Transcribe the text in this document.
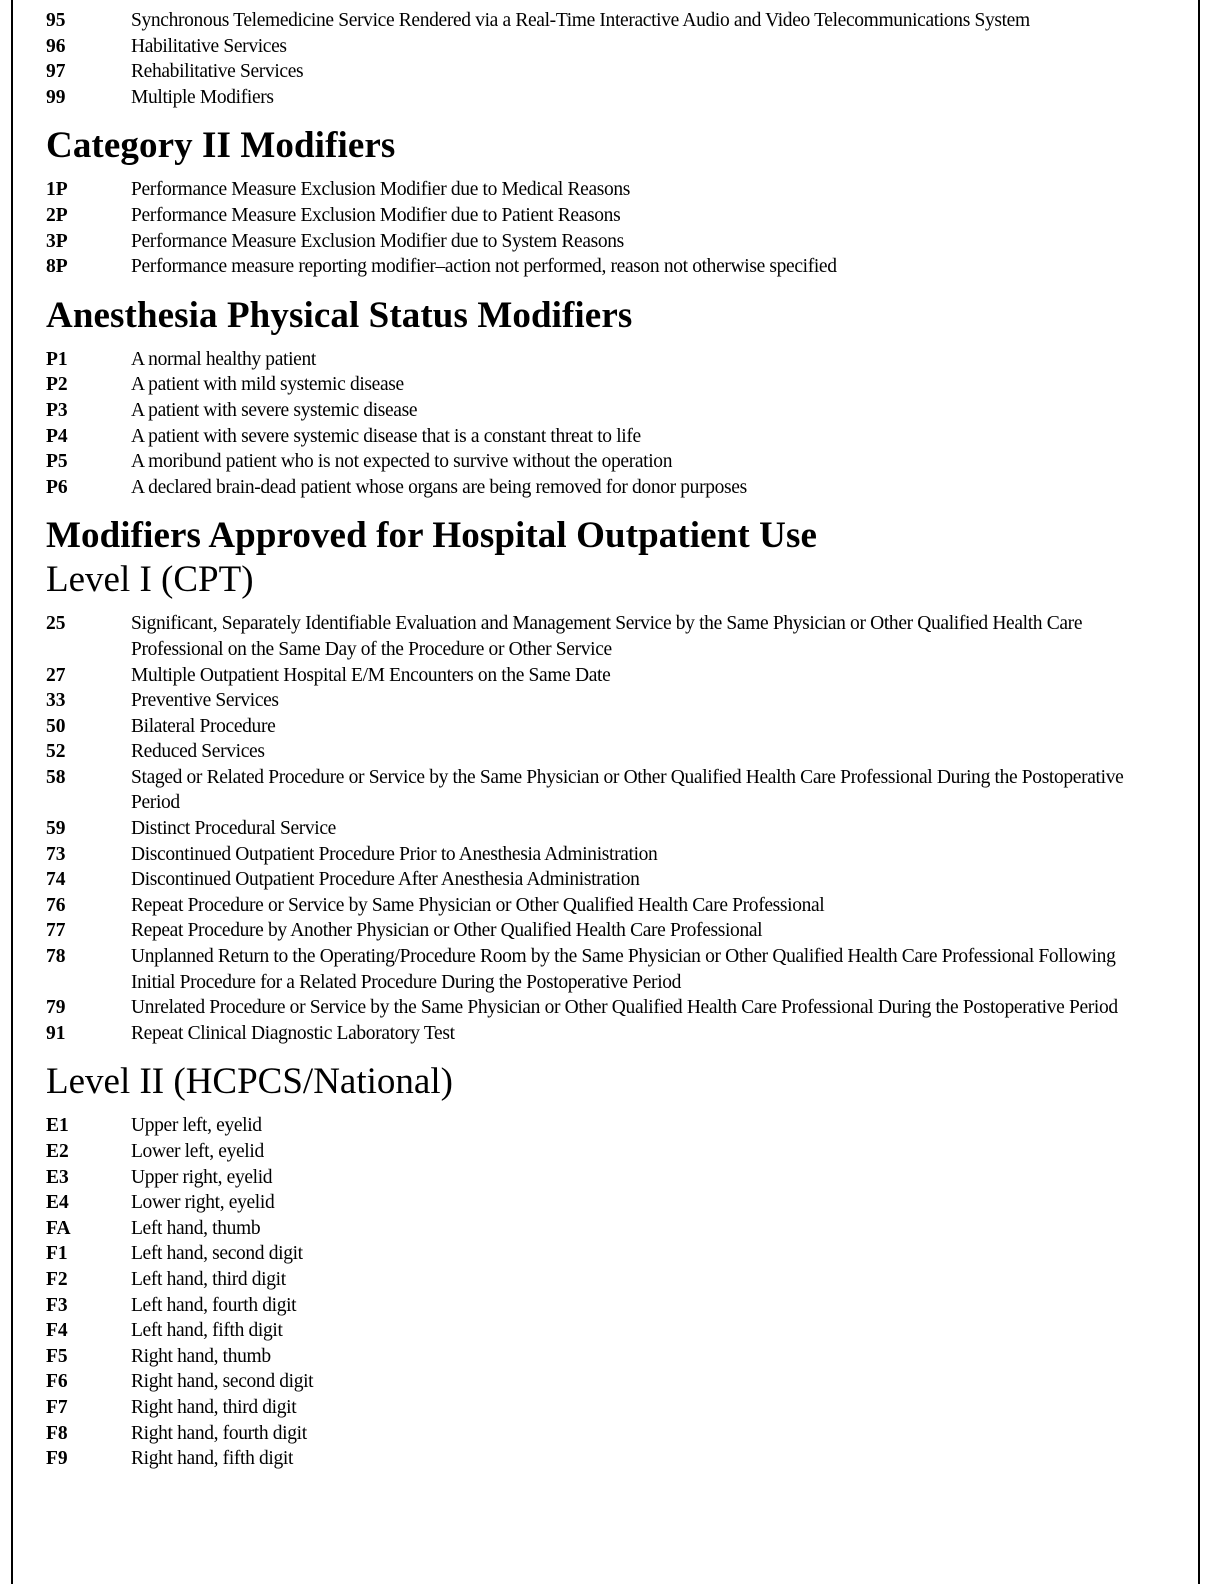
95	Synchronous Telemedicine Service Rendered via a Real-Time Interactive Audio and Video Telecommunications System
96	Habilitative Services
97	Rehabilitative Services
99	Multiple Modifiers
Category II Modifiers
1P	Performance Measure Exclusion Modifier due to Medical Reasons
2P	Performance Measure Exclusion Modifier due to Patient Reasons
3P	Performance Measure Exclusion Modifier due to System Reasons
8P	Performance measure reporting modifier–action not performed, reason not otherwise specified
Anesthesia Physical Status Modifiers
P1	A normal healthy patient
P2	A patient with mild systemic disease
P3	A patient with severe systemic disease
P4	A patient with severe systemic disease that is a constant threat to life
P5	A moribund patient who is not expected to survive without the operation
P6	A declared brain-dead patient whose organs are being removed for donor purposes
Modifiers Approved for Hospital Outpatient Use
Level I (CPT)
25	Significant, Separately Identifiable Evaluation and Management Service by the Same Physician or Other Qualified Health Care Professional on the Same Day of the Procedure or Other Service
27	Multiple Outpatient Hospital E/M Encounters on the Same Date
33	Preventive Services
50	Bilateral Procedure
52	Reduced Services
58	Staged or Related Procedure or Service by the Same Physician or Other Qualified Health Care Professional During the Postoperative Period
59	Distinct Procedural Service
73	Discontinued Outpatient Procedure Prior to Anesthesia Administration
74	Discontinued Outpatient Procedure After Anesthesia Administration
76	Repeat Procedure or Service by Same Physician or Other Qualified Health Care Professional
77	Repeat Procedure by Another Physician or Other Qualified Health Care Professional
78	Unplanned Return to the Operating/Procedure Room by the Same Physician or Other Qualified Health Care Professional Following Initial Procedure for a Related Procedure During the Postoperative Period
79	Unrelated Procedure or Service by the Same Physician or Other Qualified Health Care Professional During the Postoperative Period
91	Repeat Clinical Diagnostic Laboratory Test
Level II (HCPCS/National)
E1	Upper left, eyelid
E2	Lower left, eyelid
E3	Upper right, eyelid
E4	Lower right, eyelid
FA	Left hand, thumb
F1	Left hand, second digit
F2	Left hand, third digit
F3	Left hand, fourth digit
F4	Left hand, fifth digit
F5	Right hand, thumb
F6	Right hand, second digit
F7	Right hand, third digit
F8	Right hand, fourth digit
F9	Right hand, fifth digit
